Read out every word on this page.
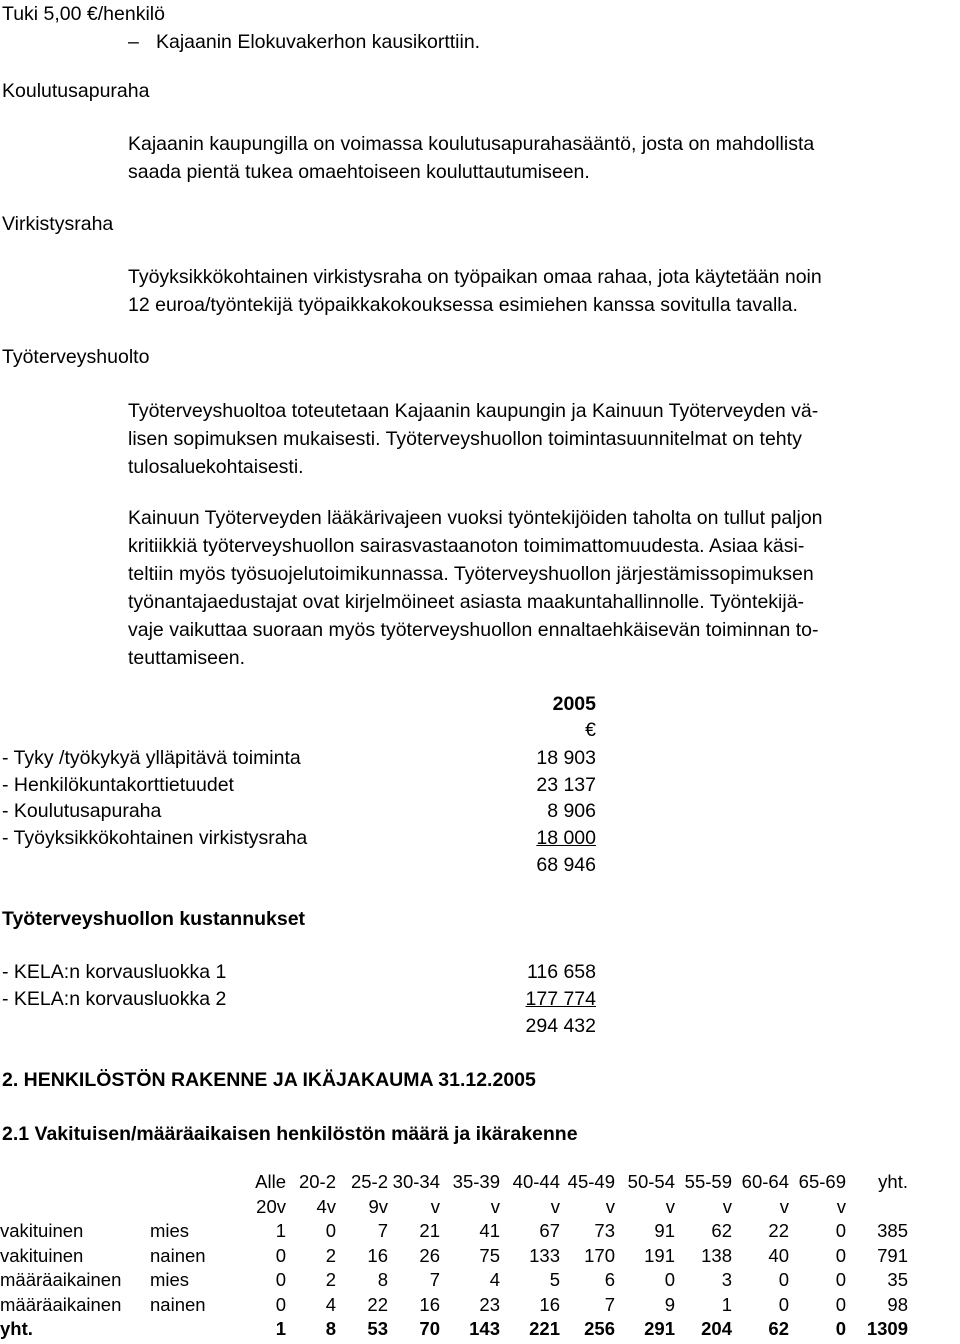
Tuki 5,00 €/henkilö
– Kajaanin Elokuvakerhon kausikorttiin.
Koulutusapuraha
Kajaanin kaupungilla on voimassa koulutusapurahasääntö, josta on mahdollista
saada pientä tukea omaehtoiseen kouluttautumiseen.
Virkistysraha
Työyksikkökohtainen virkistysraha on työpaikan omaa rahaa, jota käytetään noin
12 euroa/työntekijä työpaikkakokouksessa esimiehen kanssa sovitulla tavalla.
Työterveyshuolto
Työterveyshuoltoa toteutetaan Kajaanin kaupungin ja Kainuun Työterveyden vä-
lisen sopimuksen mukaisesti. Työterveyshuollon toimintasuunnitelmat on tehty
tulosaluekohtaisesti.
Kainuun Työterveyden lääkärivajeen vuoksi työntekijöiden taholta on tullut paljon
kritiikkiä työterveyshuollon sairasvastaanoton toimimattomuudesta. Asiaa käsi-
teltiin myös työsuojelutoimikunnassa. Työterveyshuollon järjestämissopimuksen
työnantajaedustajat ovat kirjelmöineet asiasta maakuntahallinnolle. Työntekijä-
vaje vaikuttaa suoraan myös työterveyshuollon ennaltaehkäisevän toiminnan to-
teuttamiseen.
2005
€
- Tyky /työkykyä ylläpitävä toiminta	18 903
- Henkilökuntakorttietuudet	23 137
- Koulutusapuraha	8 906
- Työyksikkökohtainen virkistysraha	18 000
68 946
Työterveyshuollon kustannukset
- KELA:n korvausluokka 1	116 658
- KELA:n korvausluokka 2	177 774
294 432
2. HENKILÖSTÖN RAKENNE JA IKÄJAKAUMA 31.12.2005
2.1 Vakituisen/määräaikaisen henkilöstön määrä ja ikärakenne
		Alle	20-2	25-2	30-34	35-39	40-44	45-49	50-54	55-59	60-64	65-69	yht.
		20v	4v	9v	v	v	v	v	v	v	v	v	
vakituinen	mies	1	0	7	21	41	67	73	91	62	22	0	385
vakituinen	nainen	0	2	16	26	75	133	170	191	138	40	0	791
määräaikainen	mies	0	2	8	7	4	5	6	0	3	0	0	35
määräaikainen	nainen	0	4	22	16	23	16	7	9	1	0	0	98
yht.		1	8	53	70	143	221	256	291	204	62	0	1309
